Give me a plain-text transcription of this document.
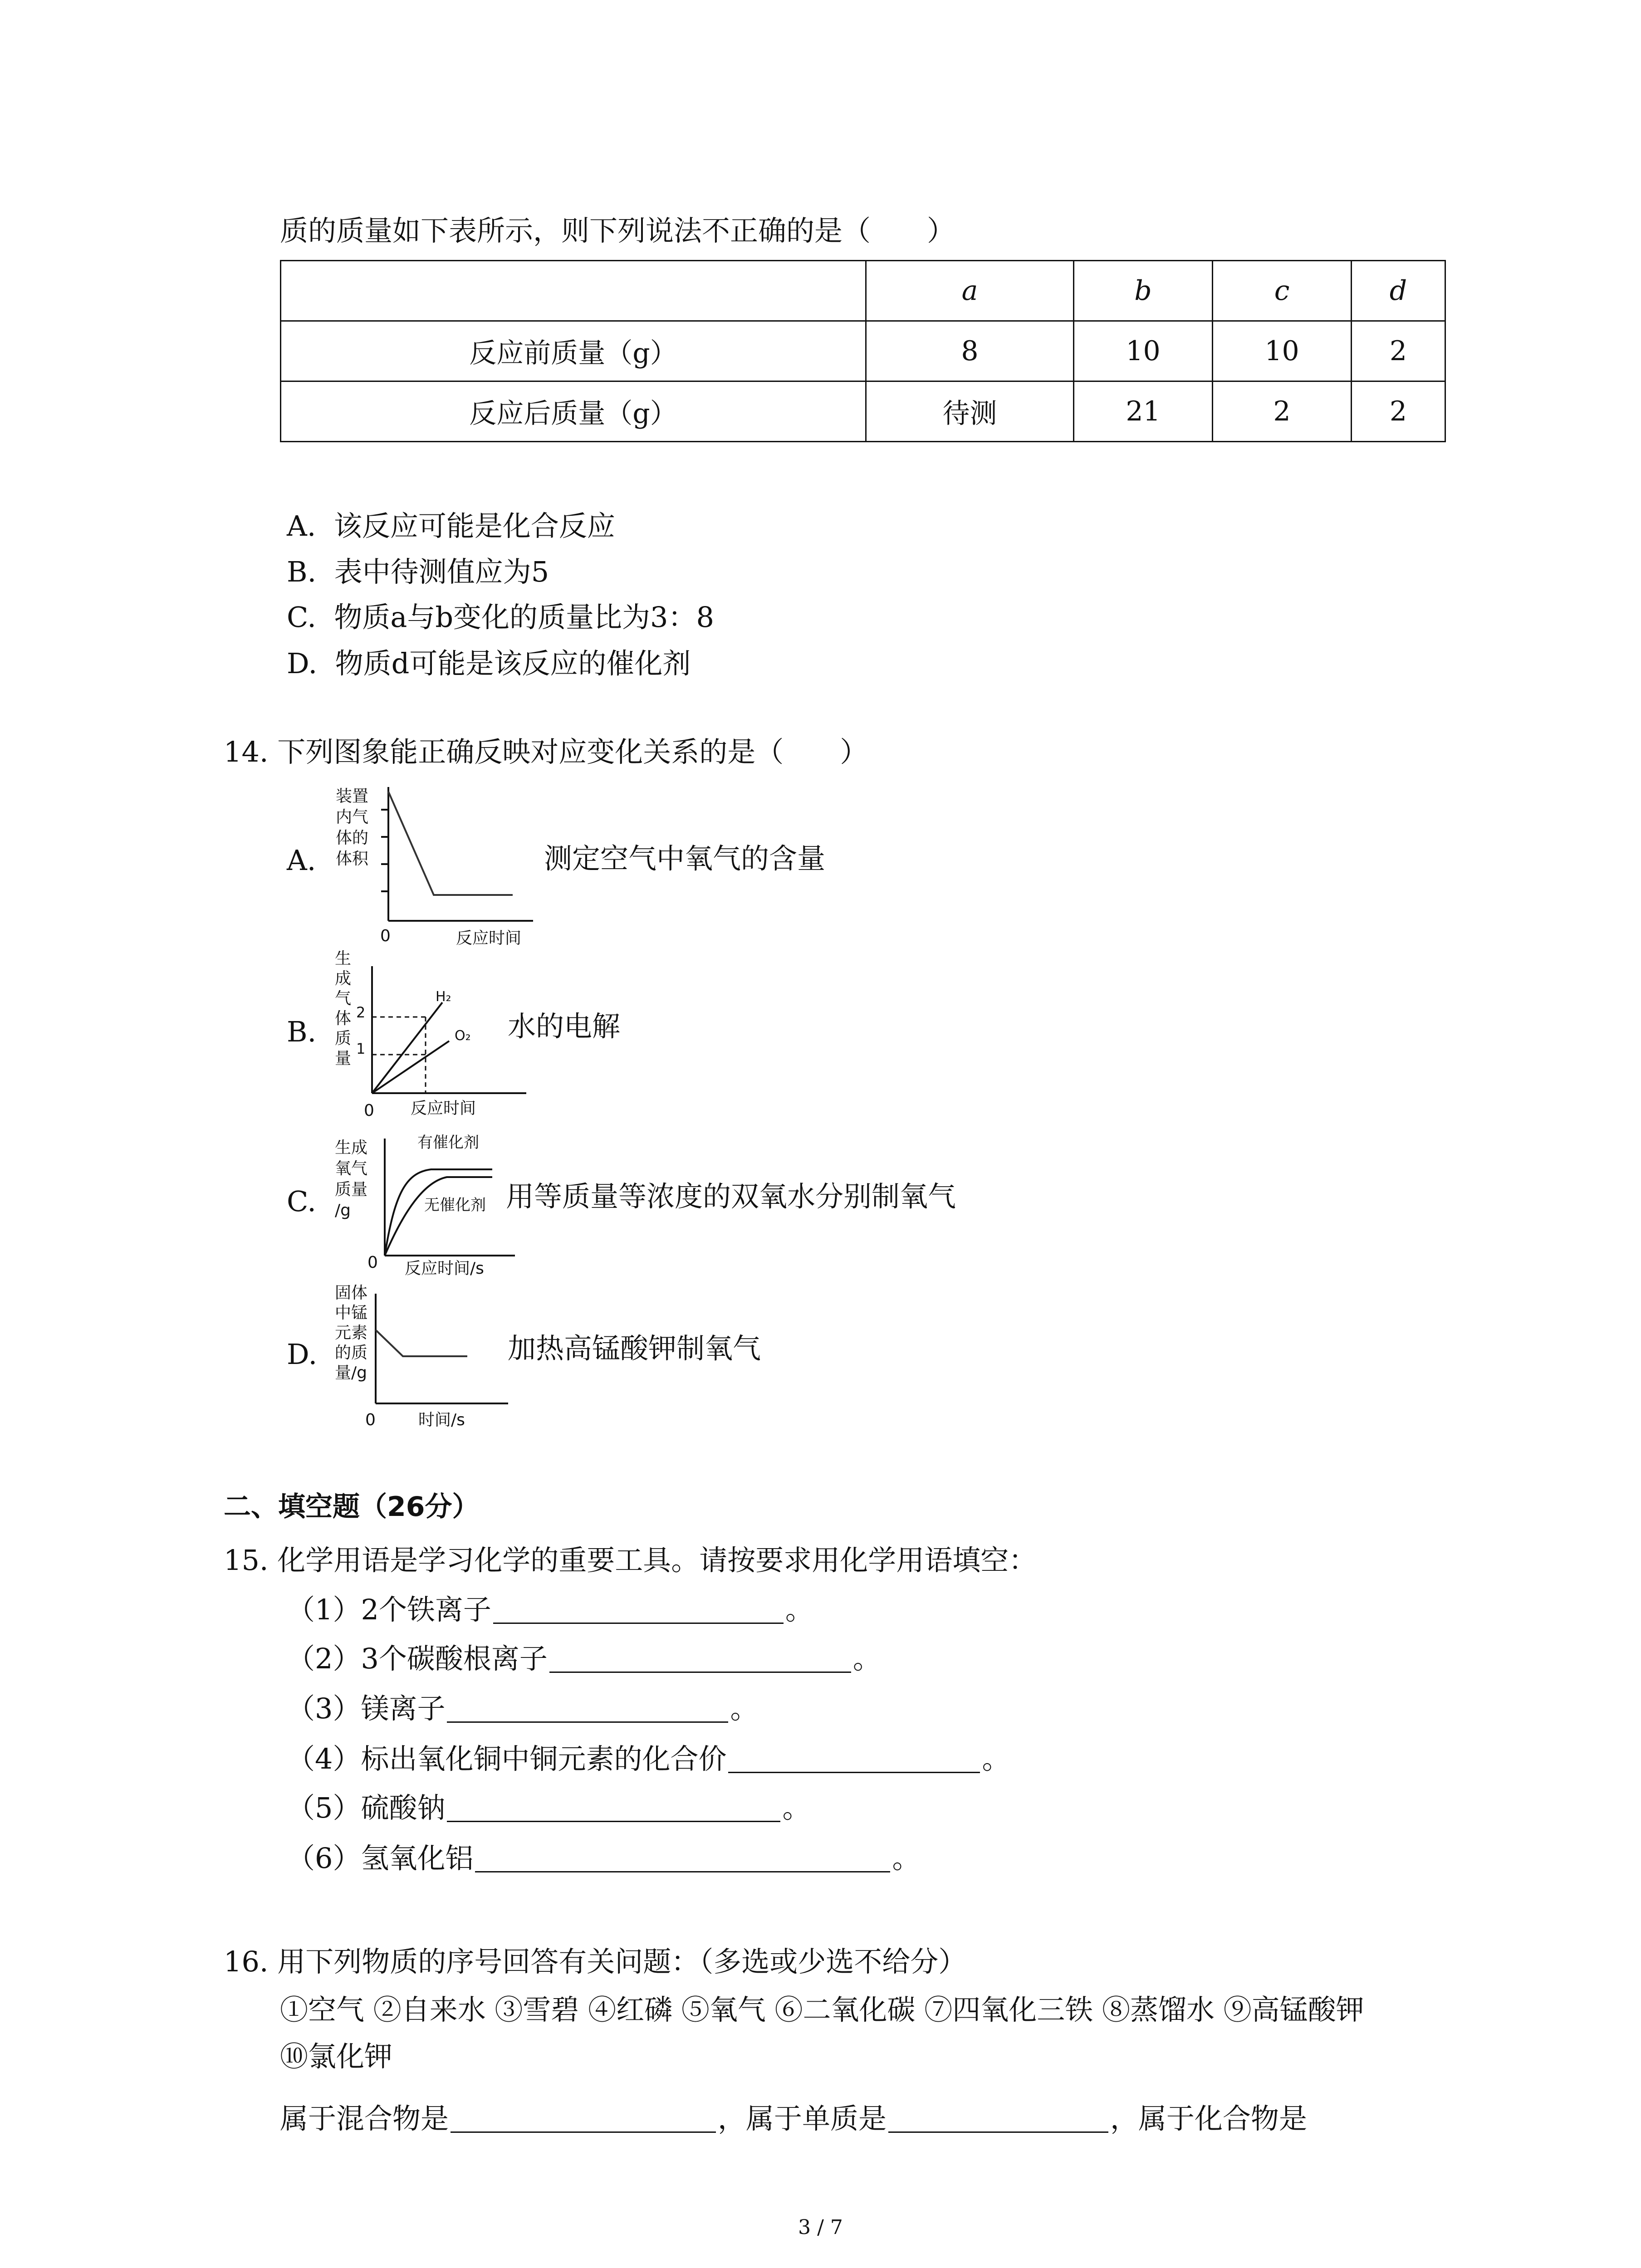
质的质量如下表所示，则下列说法不正确的是（　　）
	a	b	c	d
反应前质量（g）	8	10	10	2
反应后质量（g）	待测	21	2	2
A. 该反应可能是化合反应
B. 表中待测值应为5
C. 物质a与b变化的质量比为3：8
D. 物质d可能是该反应的催化剂
14. 下列图象能正确反映对应变化关系的是（　　）
A.
装置
内气
体的
体积
0	反应时间
测定空气中氧气的含量
B.
生
成
气
体
质
量
2
1
0 反应时间
H₂
O₂ 水的电解
C.
生成
氧气
质量
/g
0 反应时间/s
有催化剂
无催化剂 用等质量等浓度的双氧水分别制氧气
D.
固体
中锰
元素
的质
量/g
0	时间/s
加热高锰酸钾制氧气
二、填空题（26分）
15. 化学用语是学习化学的重要工具。请按要求用化学用语填空：
（1）2个铁离子	。
（2）3个碳酸根离子	。
（3）镁离子	。
（4）标出氧化铜中铜元素的化合价	。
（5）硫酸钠	。
（6）氢氧化铝	。
16. 用下列物质的序号回答有关问题：（多选或少选不给分）
①空气 ②自来水 ③雪碧 ④红磷 ⑤氧气 ⑥二氧化碳 ⑦四氧化三铁 ⑧蒸馏水 ⑨高锰酸钾
⑩氯化钾
属于混合物是	，属于单质是	，属于化合物是
3 / 7
